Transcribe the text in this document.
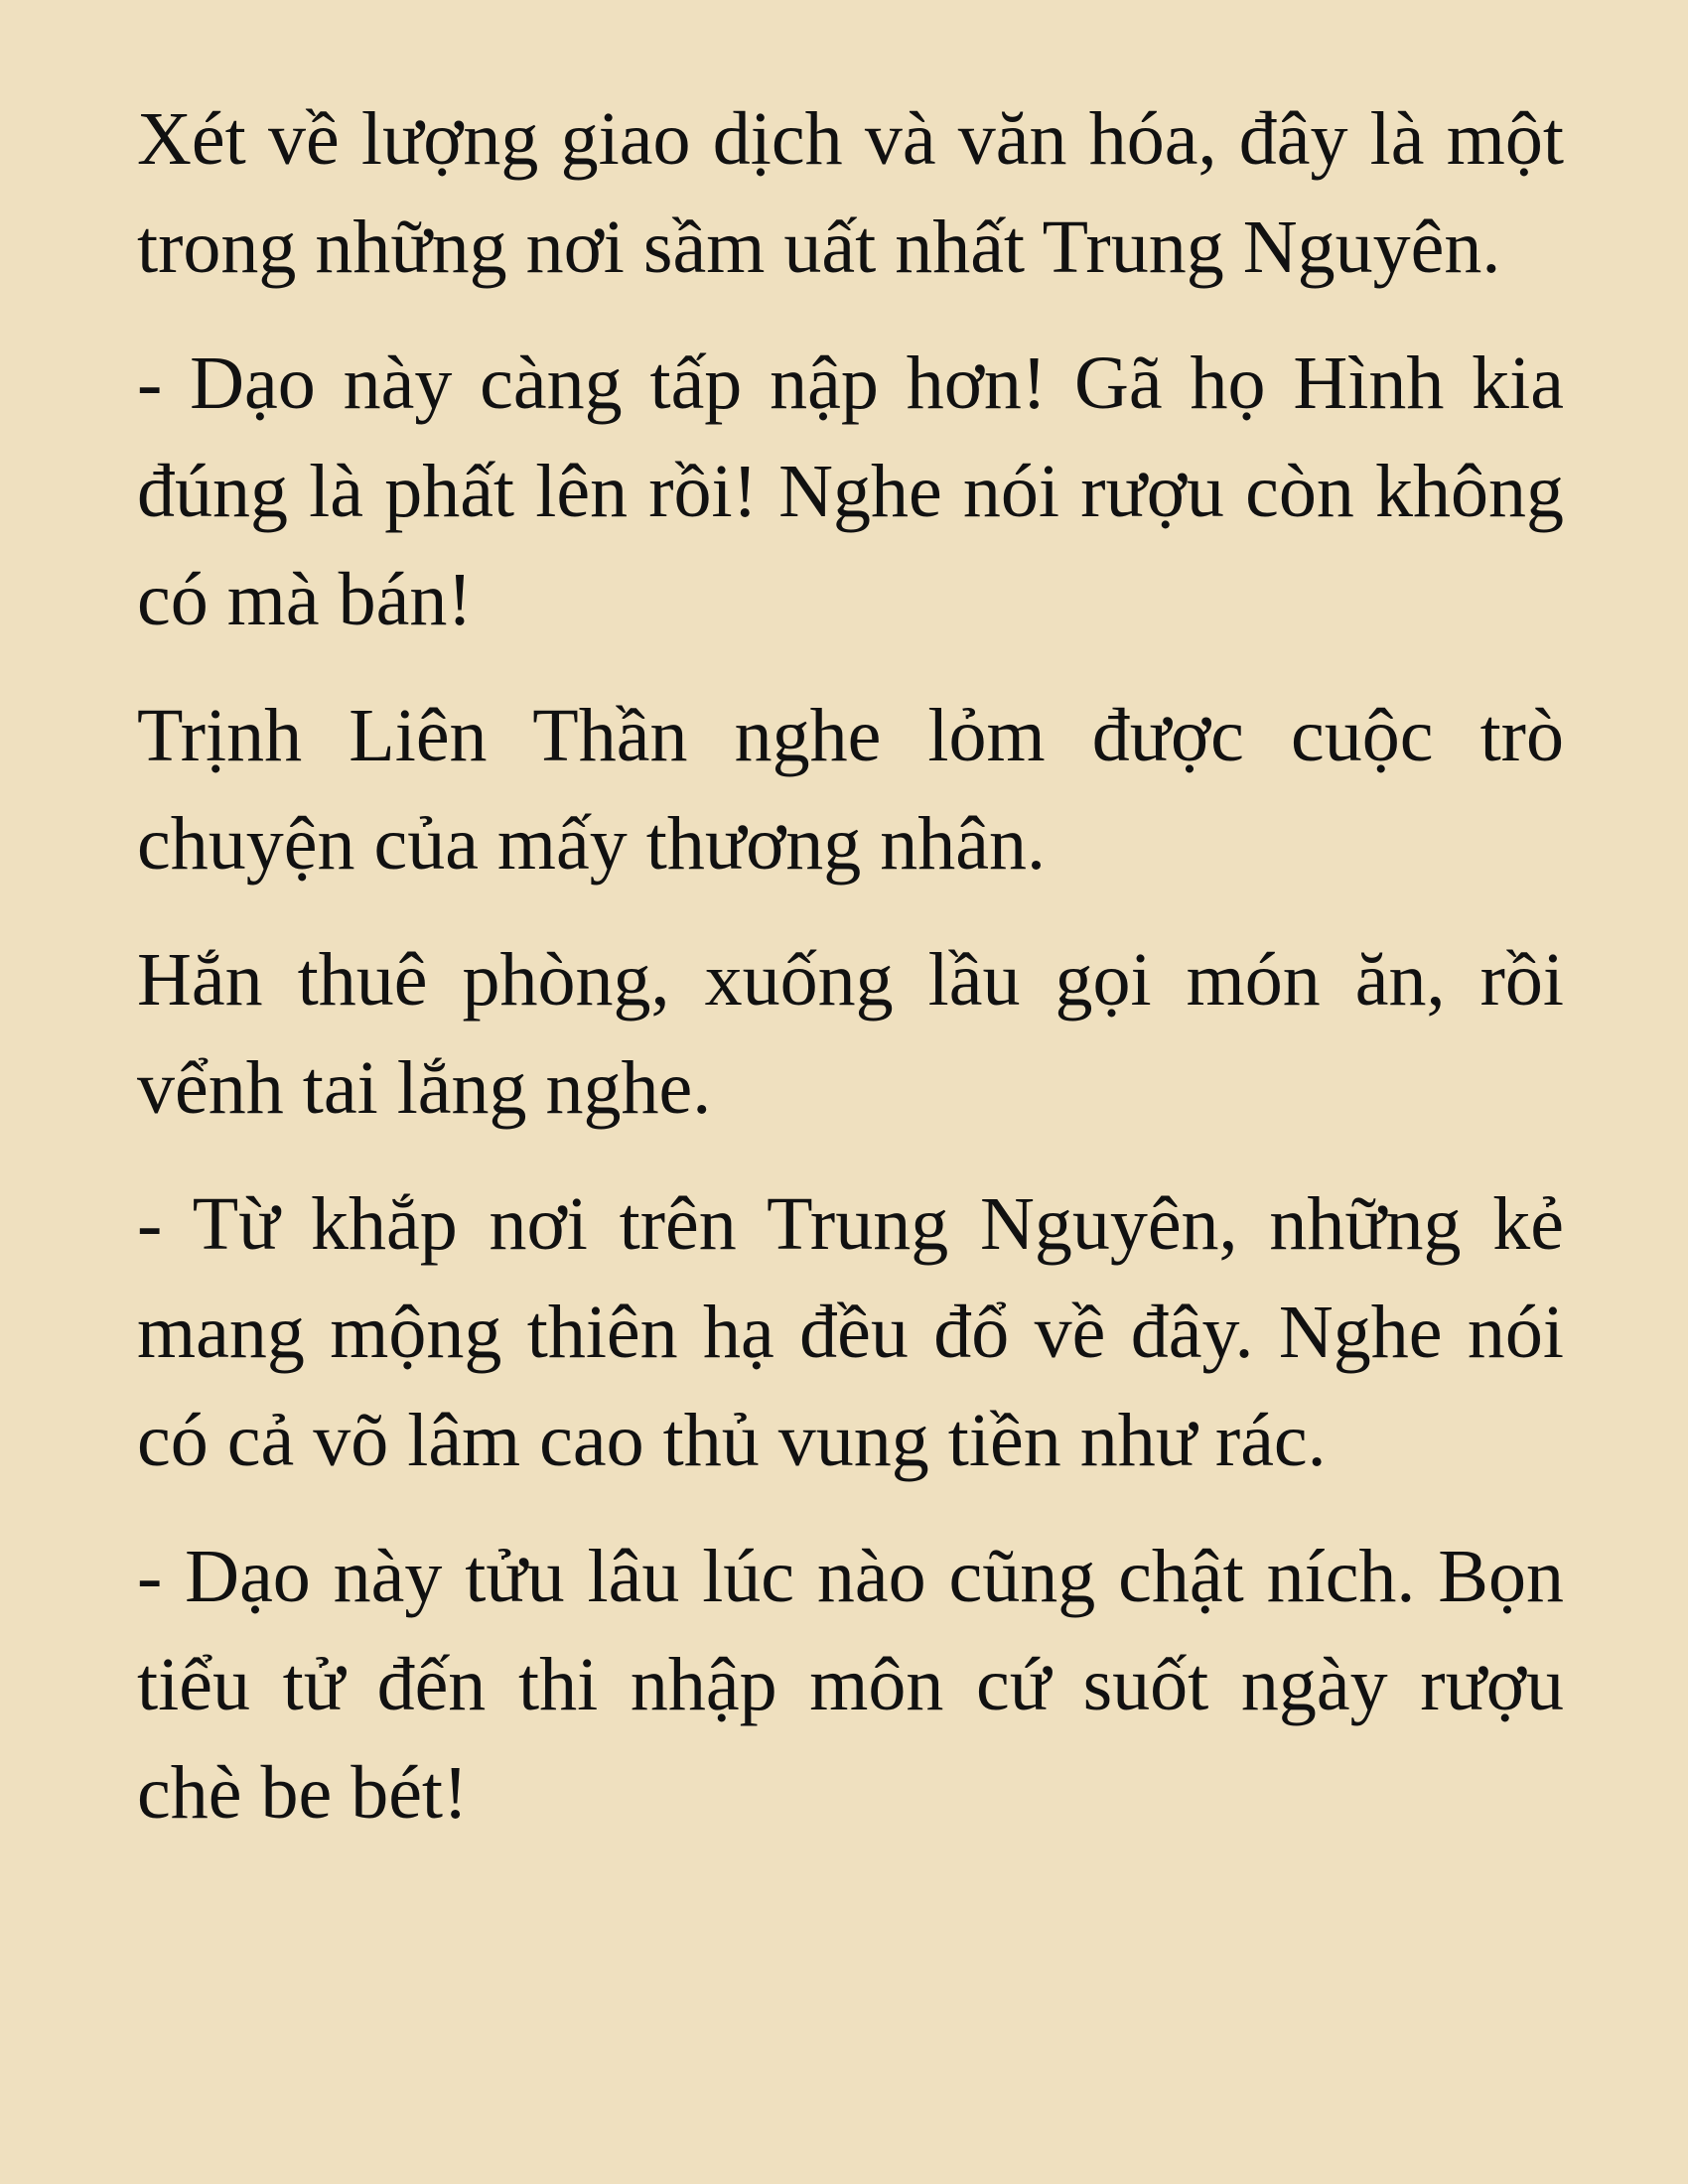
Xét về lượng giao dịch và văn hóa, đây là một trong những nơi sầm uất nhất Trung Nguyên.

- Dạo này càng tấp nập hơn! Gã họ Hình kia đúng là phất lên rồi! Nghe nói rượu còn không có mà bán!

Trịnh Liên Thần nghe lỏm được cuộc trò chuyện của mấy thương nhân.

Hắn thuê phòng, xuống lầu gọi món ăn, rồi vểnh tai lắng nghe.

- Từ khắp nơi trên Trung Nguyên, những kẻ mang mộng thiên hạ đều đổ về đây. Nghe nói có cả võ lâm cao thủ vung tiền như rác.

- Dạo này tửu lâu lúc nào cũng chật ních. Bọn tiểu tử đến thi nhập môn cứ suốt ngày rượu chè be bét!
